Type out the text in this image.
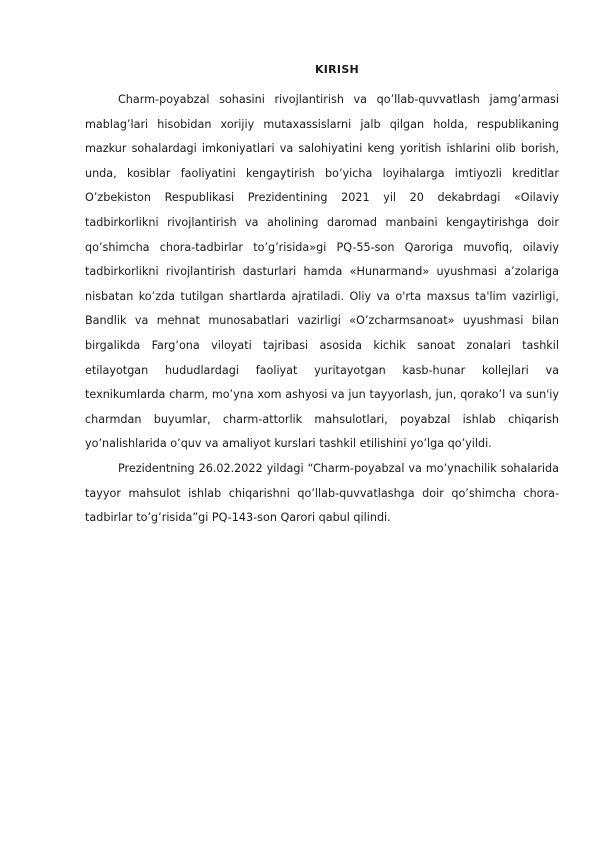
KIRISH

Charm-poyabzal sohasini rivojlantirish va qo’llab-quvvatlash jamg’armasi mablag’lari hisobidan xorijiy mutaxassislarni jalb qilgan holda, respublikaning mazkur sohalardagi imkoniyatlari va salohiyatini keng yoritish ishlarini olib borish, unda, kosiblar faoliyatini kengaytirish bo’yicha loyihalarga imtiyozli kreditlar O’zbekiston Respublikasi Prezidentining 2021 yil 20 dekabrdagi «Oilaviy tadbirkorlikni rivojlantirish va aholining daromad manbaini kengaytirishga doir qo’shimcha chora-tadbirlar to’g’risida»gi PQ-55-son Qaroriga muvofiq, oilaviy tadbirkorlikni rivojlantirish dasturlari hamda «Hunarmand» uyushmasi a’zolariga nisbatan ko’zda tutilgan shartlarda ajratiladi. Oliy va o'rta maxsus ta'lim vazirligi, Bandlik va mehnat munosabatlari vazirligi «O’zcharmsanoat» uyushmasi bilan birgalikda Farg’ona viloyati tajribasi asosida kichik sanoat zonalari tashkil etilayotgan hududlardagi faoliyat yuritayotgan kasb-hunar kollejlari va texnikumlarda charm, mo’yna xom ashyosi va jun tayyorlash, jun, qorako’l va sun'iy charmdan buyumlar, charm-attorlik mahsulotlari, poyabzal ishlab chiqarish yo’nalishlarida o’quv va amaliyot kurslari tashkil etilishini yo’lga qo’yildi.

Prezidentning 26.02.2022 yildagi “Charm-poyabzal va mo’ynachilik sohalarida tayyor mahsulot ishlab chiqarishni qo’llab-quvvatlashga doir qo’shimcha chora-tadbirlar to’g’risida”gi PQ-143-son Qarori qabul qilindi.
